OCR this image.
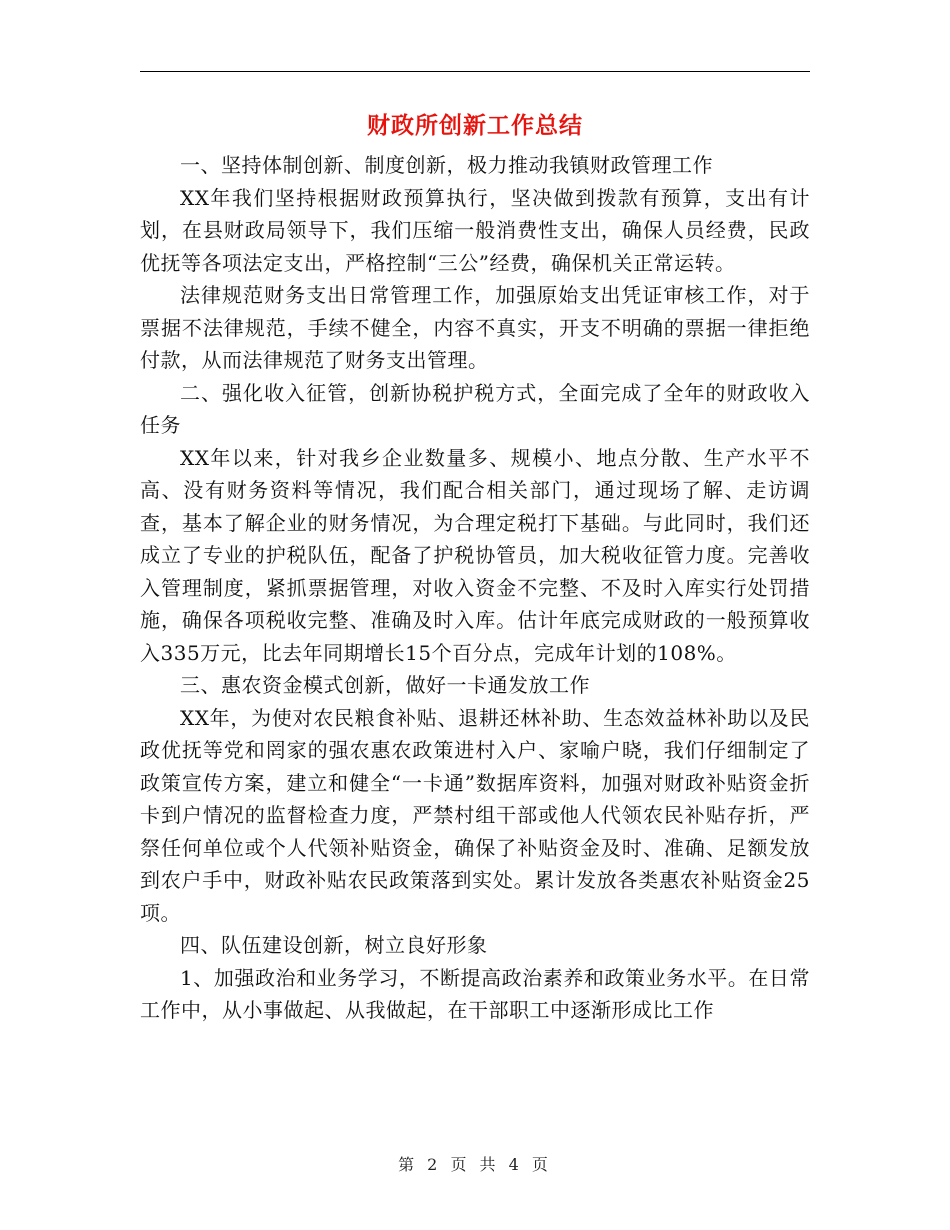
财政所创新工作总结

一、坚持体制创新、制度创新，极力推动我镇财政管理工作

XX年我们坚持根据财政预算执行，坚决做到拨款有预算，支出有计划，在县财政局领导下，我们压缩一般消费性支出，确保人员经费，民政优抚等各项法定支出，严格控制“三公”经费，确保机关正常运转。

法律规范财务支出日常管理工作，加强原始支出凭证审核工作，对于票据不法律规范，手续不健全，内容不真实，开支不明确的票据一律拒绝付款，从而法律规范了财务支出管理。

二、强化收入征管，创新协税护税方式，全面完成了全年的财政收入任务

XX年以来，针对我乡企业数量多、规模小、地点分散、生产水平不高、没有财务资料等情况，我们配合相关部门，通过现场了解、走访调查，基本了解企业的财务情况，为合理定税打下基础。与此同时，我们还成立了专业的护税队伍，配备了护税协管员，加大税收征管力度。完善收入管理制度，紧抓票据管理，对收入资金不完整、不及时入库实行处罚措施，确保各项税收完整、准确及时入库。估计年底完成财政的一般预算收入335万元，比去年同期增长15个百分点，完成年计划的108%。

三、惠农资金模式创新，做好一卡通发放工作

XX年，为使对农民粮食补贴、退耕还林补助、生态效益林补助以及民政优抚等党和罔家的强农惠农政策进村入户、家喻户晓，我们仔细制定了政策宣传方案，建立和健全“一卡通”数据库资料，加强对财政补贴资金折卡到户情况的监督检查力度，严禁村组干部或他人代领农民补贴存折，严祭任何单位或个人代领补贴资金，确保了补贴资金及时、准确、足额发放到农户手中，财政补贴农民政策落到实处。累计发放各类惠农补贴资金25项。

四、队伍建设创新，树立良好形象

1、加强政治和业务学习，不断提高政治素养和政策业务水平。在日常工作中，从小事做起、从我做起，在干部职工中逐渐形成比工作

第 2 页 共 4 页
